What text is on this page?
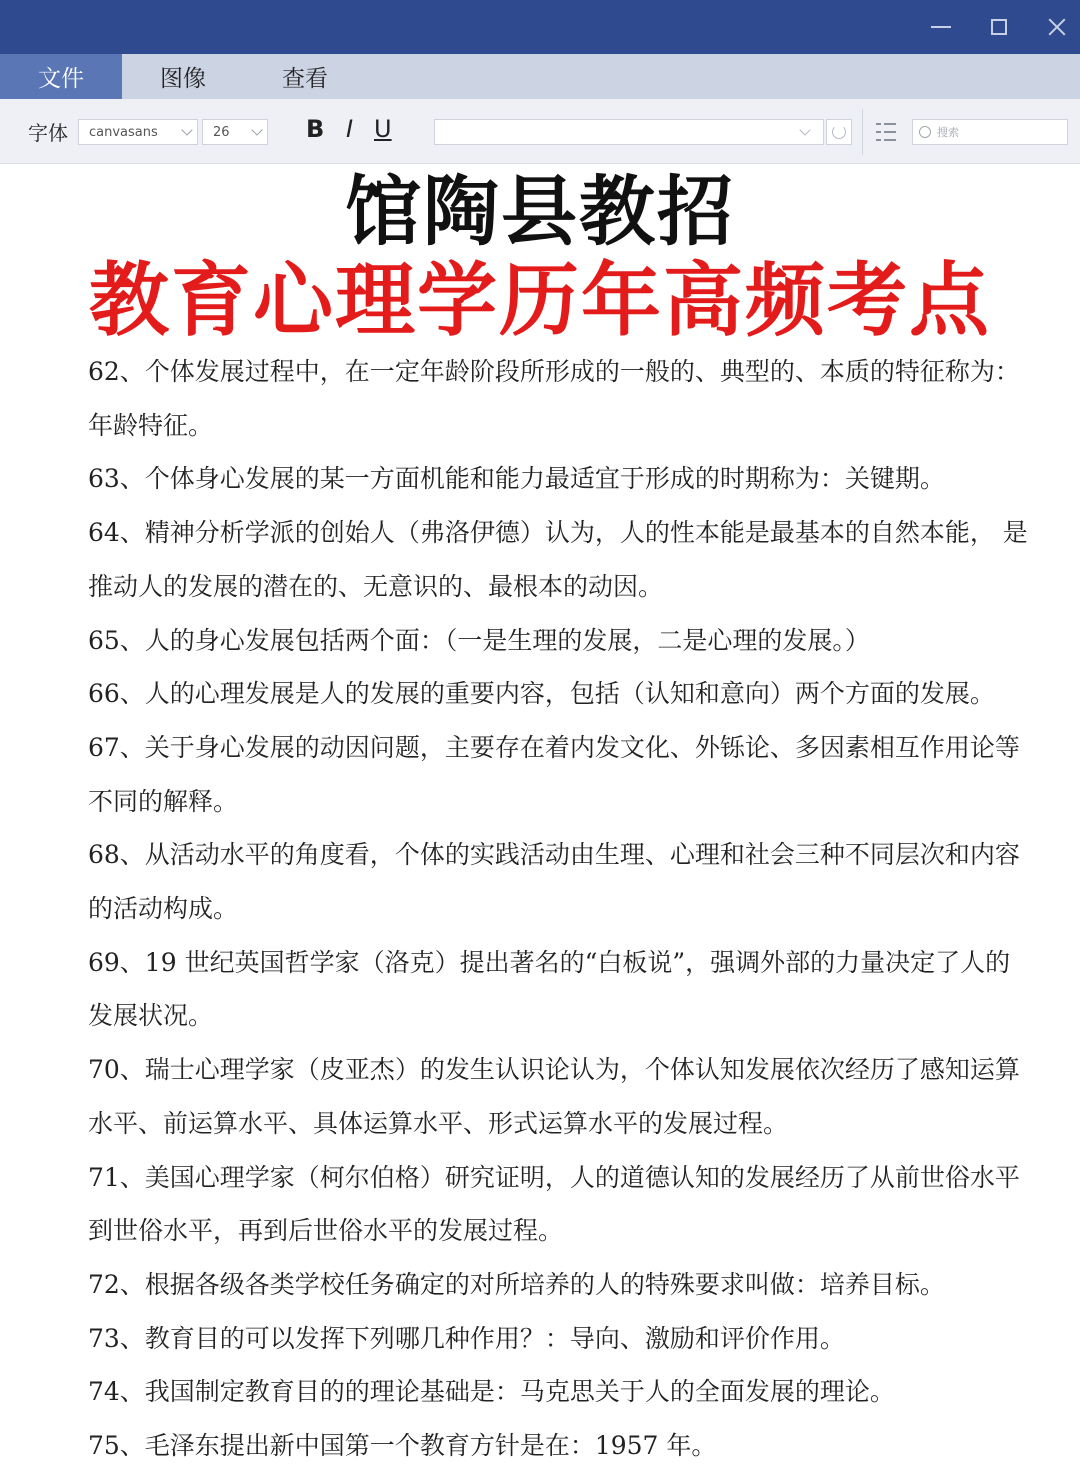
文件	图像	查看
字体 canvasans	26	B I U	搜索
馆陶县教招
教育心理学历年高频考点

62、个体发展过程中，在一定年龄阶段所形成的一般的、典型的、本质的特征称为：年龄特征。

63、个体身心发展的某一方面机能和能力最适宜于形成的时期称为：关键期。

64、精神分析学派的创始人（弗洛伊德）认为，人的性本能是最基本的自然本能， 是推动人的发展的潜在的、无意识的、最根本的动因。

65、人的身心发展包括两个面：（一是生理的发展，二是心理的发展。）

66、人的心理发展是人的发展的重要内容，包括（认知和意向）两个方面的发展。

67、关于身心发展的动因问题，主要存在着内发文化、外铄论、多因素相互作用论等不同的解释。

68、从活动水平的角度看，个体的实践活动由生理、心理和社会三种不同层次和内容的活动构成。

69、19 世纪英国哲学家（洛克）提出著名的“白板说”，强调外部的力量决定了人的发展状况。

70、瑞士心理学家（皮亚杰）的发生认识论认为，个体认知发展依次经历了感知运算水平、前运算水平、具体运算水平、形式运算水平的发展过程。

71、美国心理学家（柯尔伯格）研究证明，人的道德认知的发展经历了从前世俗水平到世俗水平，再到后世俗水平的发展过程。

72、根据各级各类学校任务确定的对所培养的人的特殊要求叫做：培养目标。

73、教育目的可以发挥下列哪几种作用？：导向、激励和评价作用。

74、我国制定教育目的的理论基础是：马克思关于人的全面发展的理论。

75、毛泽东提出新中国第一个教育方针是在：1957 年。
